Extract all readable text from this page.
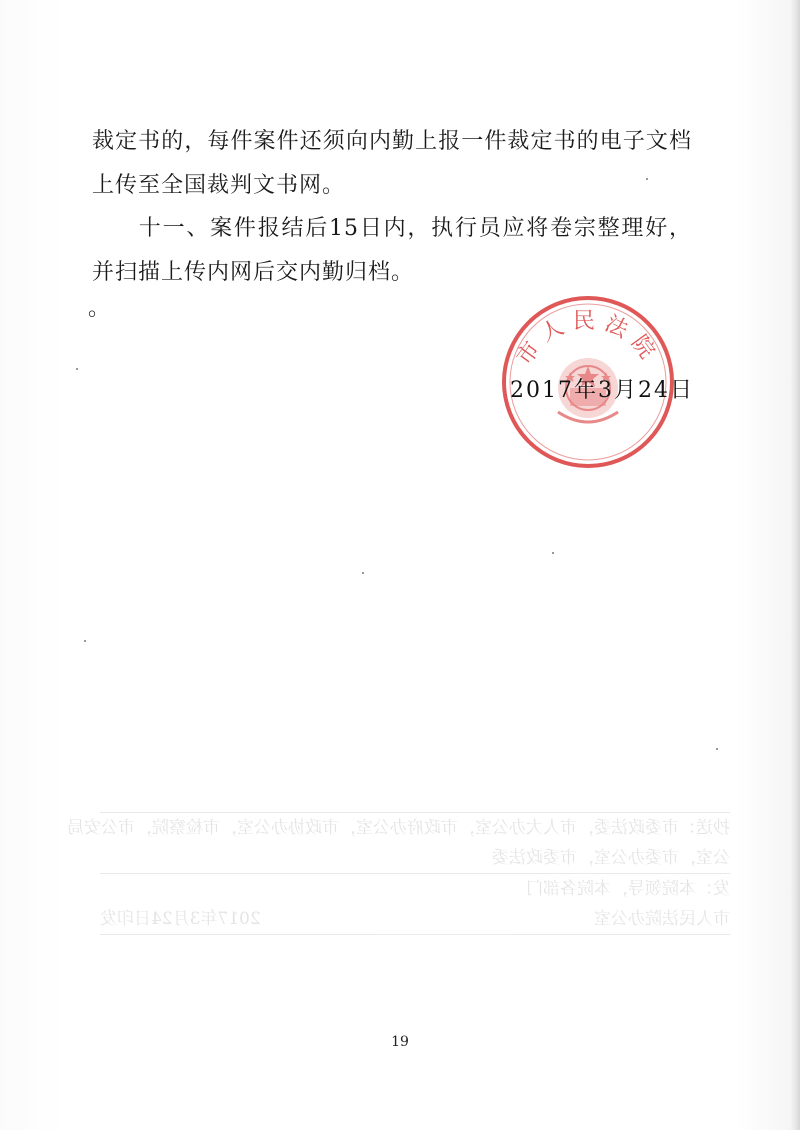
裁定书的，每件案件还须向内勤上报一件裁定书的电子文档上传至全国裁判文书网。

十一、案件报结后15日内，执行员应将卷宗整理好，并扫描上传内网后交内勤归档。

。
市人民法院
2017年3月24日
抄送：市委政法委，市人大办公室，市政府办公室，市政协办公室，市检察院，市公安局
公室，市委办公室，市委政法委
发：本院领导，本院各部门
市人民法院办公室
2017年3月24日印发
19
